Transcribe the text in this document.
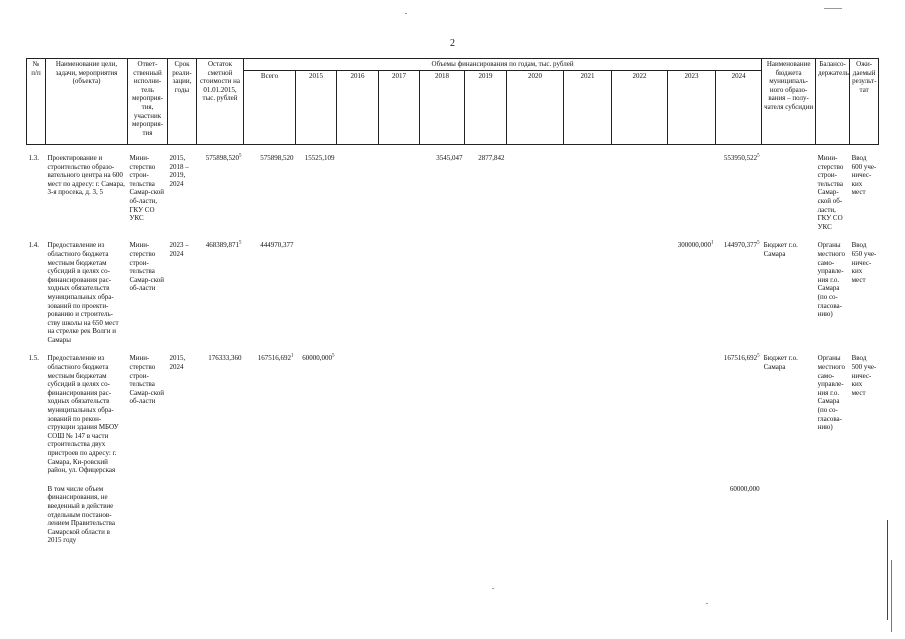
2
№ п/п	Наименование цели, задачи, мероприятия (объекта)	Ответ-ственный исполни-тель мероприя-тия, участник мероприя-тия	Срок реали-зации, годы	Остаток сметной стоимости на 01.01.2015, тыс. рублей	Объемы финансирования по годам, тыс. рублей											Наименование бюджета муниципаль-ного образо-вания – полу-чателя субсидии	Балансо-держатель	Ожи-даемый результ-тат
					Всего	2015	2016	2017	2018	2019	2020	2021	2022	2023	2024			

1.3.	Проектирование и строительство образо-вательного центра на 600 мест по адресу: г. Самара, 3-я просека, д. 3, 5	Мини-стерство строи-тельства Самар-ской об-ласти, ГКУ СО УКС	2015, 2018 – 2019, 2024	575898,520$^5$	575898,520	15525,109			3545,047	2877,842					553950,522$^5$		Мини-стерство строи-тельства Самар-ской об-ласти, ГКУ СО УКС	Ввод 600 уче-ничес-ких мест

1.4.	Предоставление из областного бюджета местным бюджетам субсидий в целях со-финансирования рас-ходных обязательств муниципальных обра-зований по проекти-рованию и строитель-ству школы на 650 мест на стрелке рек Волги и Самары	Мини-стерство строи-тельства Самар-ской об-ласти	2023 – 2024	468389,871$^5$	444970,377									300000,000$^1$	144970,377$^5$	Бюджет г.о. Самара	Органы местного само-управле-ния г.о. Самара (по со-гласова-нию)	Ввод 650 уче-ничес-ких мест

1.5.	Предоставление из областного бюджета местным бюджетам субсидий в целях со-финансирования рас-ходных обязательств муниципальных обра-зований по рекон-струкции здания МБОУ СОШ № 147 в части строительства двух пристроев по адресу: г. Самара, Ки-ровский район, ул. Офицерская	Мини-стерство строи-тельства Самар-ской об-ласти	2015, 2024	176333,360	167516,692$^1$	60000,000$^5$									167516,692$^5$	Бюджет г.о. Самара	Органы местного само-управле-ния г.о. Самара (по со-гласова-нию)	Ввод 500 уче-ничес-ких мест

	В том числе объем финансирования, не введенный в действие отдельным постанов-лением Правительства Самарской области в 2015 году														60000,000			
